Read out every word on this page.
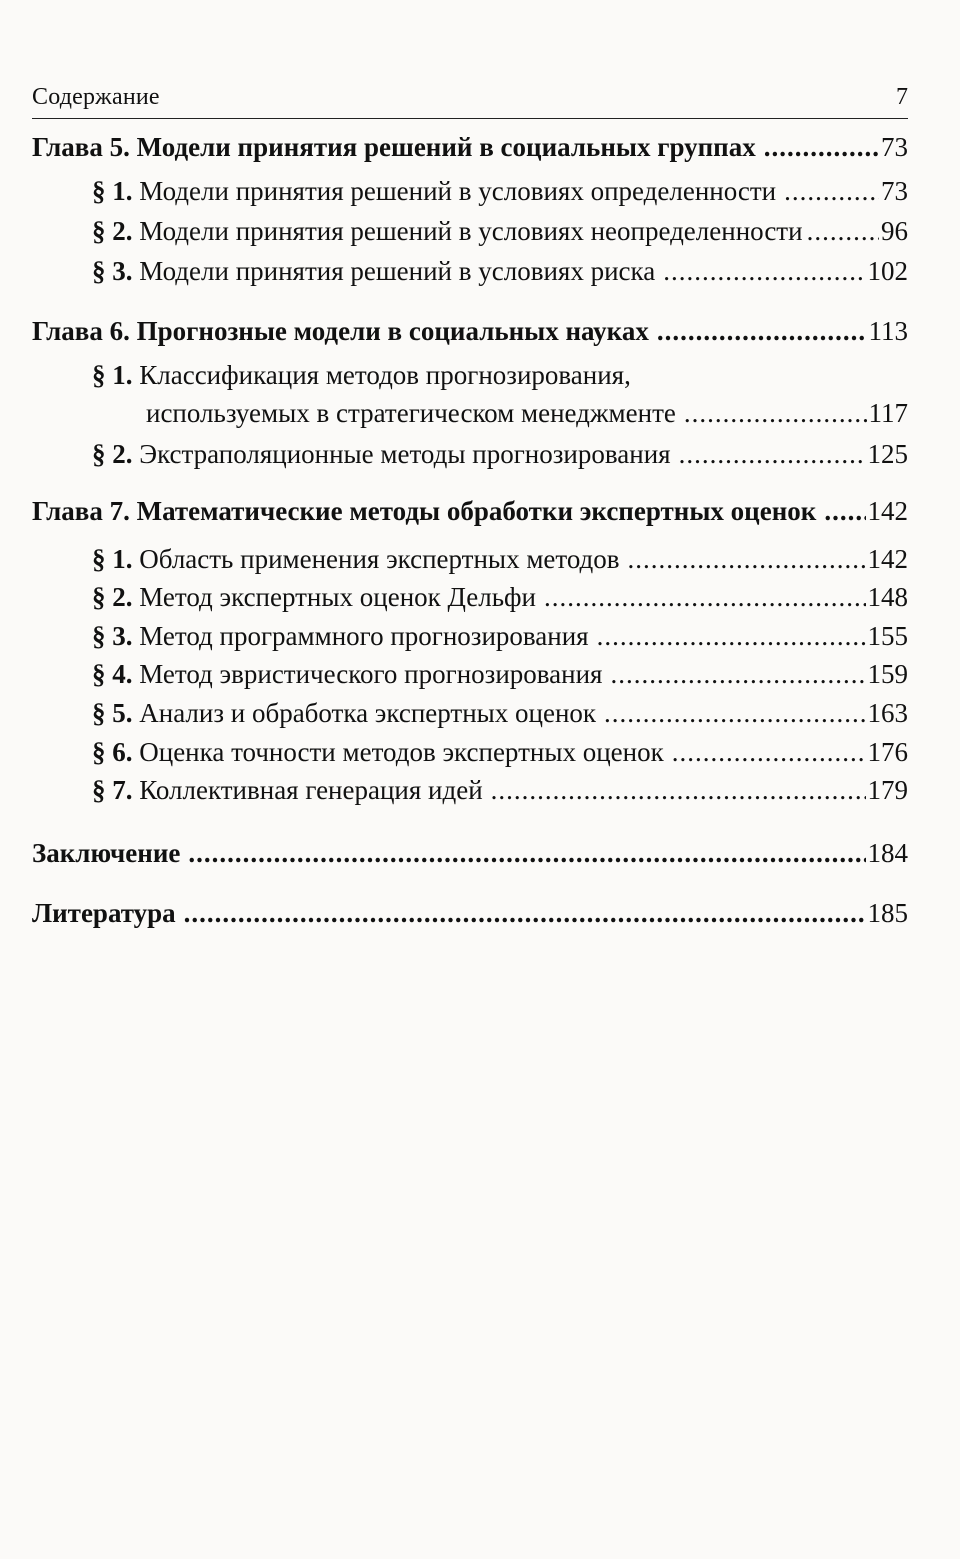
Содержание	7
Глава 5. Модели принятия решений в социальных группах .....	73
§ 1. Модели принятия решений в условиях определенности .....	73
§ 2. Модели принятия решений в условиях неопределенности .....	96
§ 3. Модели принятия решений в условиях риска .....	102
Глава 6. Прогнозные модели в социальных науках .....	113
§ 1. Классификация методов прогнозирования,
используемых в стратегическом менеджменте .....	117
§ 2. Экстраполяционные методы прогнозирования .....	125
Глава 7. Математические методы обработки экспертных оценок ..... 142
§ 1. Область применения экспертных методов .....	142
§ 2. Метод экспертных оценок Дельфи .....	148
§ 3. Метод программного прогнозирования .....	155
§ 4. Метод эвристического прогнозирования .....	159
§ 5. Анализ и обработка экспертных оценок .....	163
§ 6. Оценка точности методов экспертных оценок .....	176
§ 7. Коллективная генерация идей .....	179
Заключение .....	184
Литература .....	185
